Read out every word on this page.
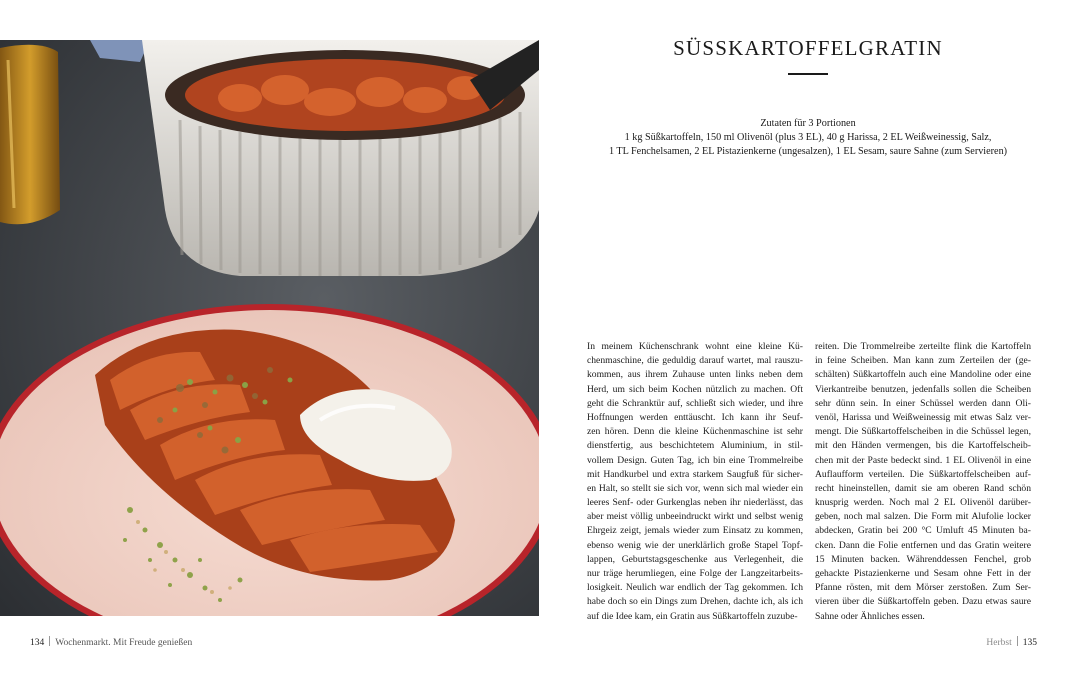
SÜSSKARTOFFELGRATIN
Zutaten für 3 Portionen
1 kg Süßkartoffeln, 150 ml Olivenöl (plus 3 EL), 40 g Harissa, 2 EL Weißweinessig, Salz,
1 TL Fenchelsamen, 2 EL Pistazienkerne (ungesalzen), 1 EL Sesam, saure Sahne (zum Servieren)
In meinem Küchenschrank wohnt eine kleine Kü-
chenmaschine, die geduldig darauf wartet, mal rauszu-
kommen, aus ihrem Zuhause unten links neben dem
Herd, um sich beim Kochen nützlich zu machen. Oft
geht die Schranktür auf, schließt sich wieder, und ihre
Hoffnungen werden enttäuscht. Ich kann ihr Seuf-
zen hören. Denn die kleine Küchenmaschine ist sehr
dienstfertig, aus beschichtetem Aluminium, in stil-
vollem Design. Guten Tag, ich bin eine Trommelreibe
mit Handkurbel und extra starkem Saugfuß für sicher-
en Halt, so stellt sie sich vor, wenn sich mal wieder ein
leeres Senf- oder Gurkenglas neben ihr niederlässt, das
aber meist völlig unbeeindruckt wirkt und selbst wenig
Ehrgeiz zeigt, jemals wieder zum Einsatz zu kommen,
ebenso wenig wie der unerklärlich große Stapel Topf-
lappen, Geburtstagsgeschenke aus Verlegenheit, die
nur träge herumliegen, eine Folge der Langzeitarbeits-
losigkeit. Neulich war endlich der Tag gekommen. Ich
habe doch so ein Dings zum Drehen, dachte ich, als ich
auf die Idee kam, ein Gratin aus Süßkartoffeln zuzube-
reiten. Die Trommelreibe zerteilte flink die Kartoffeln
in feine Scheiben. Man kann zum Zerteilen der (ge-
schälten) Süßkartoffeln auch eine Mandoline oder eine
Vierkantreibe benutzen, jedenfalls sollen die Scheiben
sehr dünn sein. In einer Schüssel werden dann Oli-
venöl, Harissa und Weißweinessig mit etwas Salz ver-
mengt. Die Süßkartoffelscheiben in die Schüssel legen,
mit den Händen vermengen, bis die Kartoffelscheib-
chen mit der Paste bedeckt sind. 1 EL Olivenöl in eine
Auflaufform verteilen. Die Süßkartoffelscheiben auf-
recht hineinstellen, damit sie am oberen Rand schön
knusprig werden. Noch mal 2 EL Olivenöl darüber-
geben, noch mal salzen. Die Form mit Alufolie locker
abdecken, Gratin bei 200 °C Umluft 45 Minuten ba-
cken. Dann die Folie entfernen und das Gratin weitere
15 Minuten backen. Währenddessen Fenchel, grob
gehackte Pistazienkerne und Sesam ohne Fett in der
Pfanne rösten, mit dem Mörser zerstoßen. Zum Ser-
vieren über die Süßkartoffeln geben. Dazu etwas saure
Sahne oder Ähnliches essen.
134 Wochenmarkt. Mit Freude genießen	Herbst 135
